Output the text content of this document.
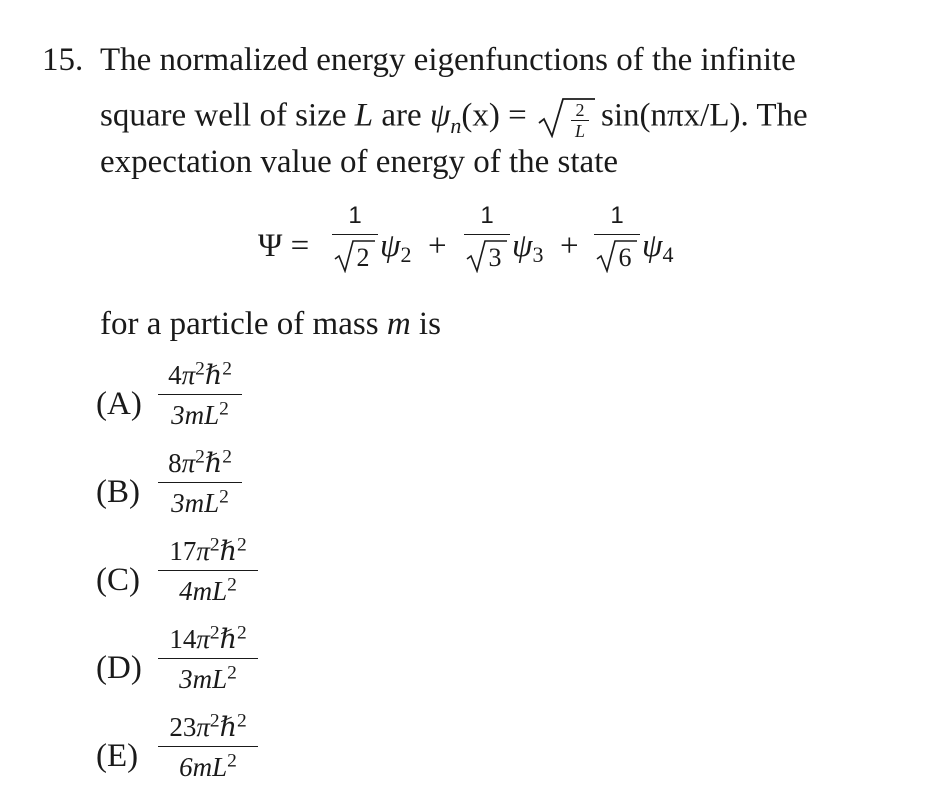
15. The normalized energy eigenfunctions of the infinite
square well of size L are $\psi_n(x) = \frac{2}{L} \sin(n\pi x/L)$. The
expectation value of energy of the state
Ψ =
1
2 ψ2 +
1
3 ψ3 +
1
6 ψ4
for a particle of mass m is
(A)
$4\pi^2\hbar^2$
$3mL^2$
(B)
$8\pi^2\hbar^2$
$3mL^2$
(C)
$17\pi^2\hbar^2$
$4mL^2$
(D)
$14\pi^2\hbar^2$
$3mL^2$
(E)
$23\pi^2\hbar^2$
$6mL^2$
